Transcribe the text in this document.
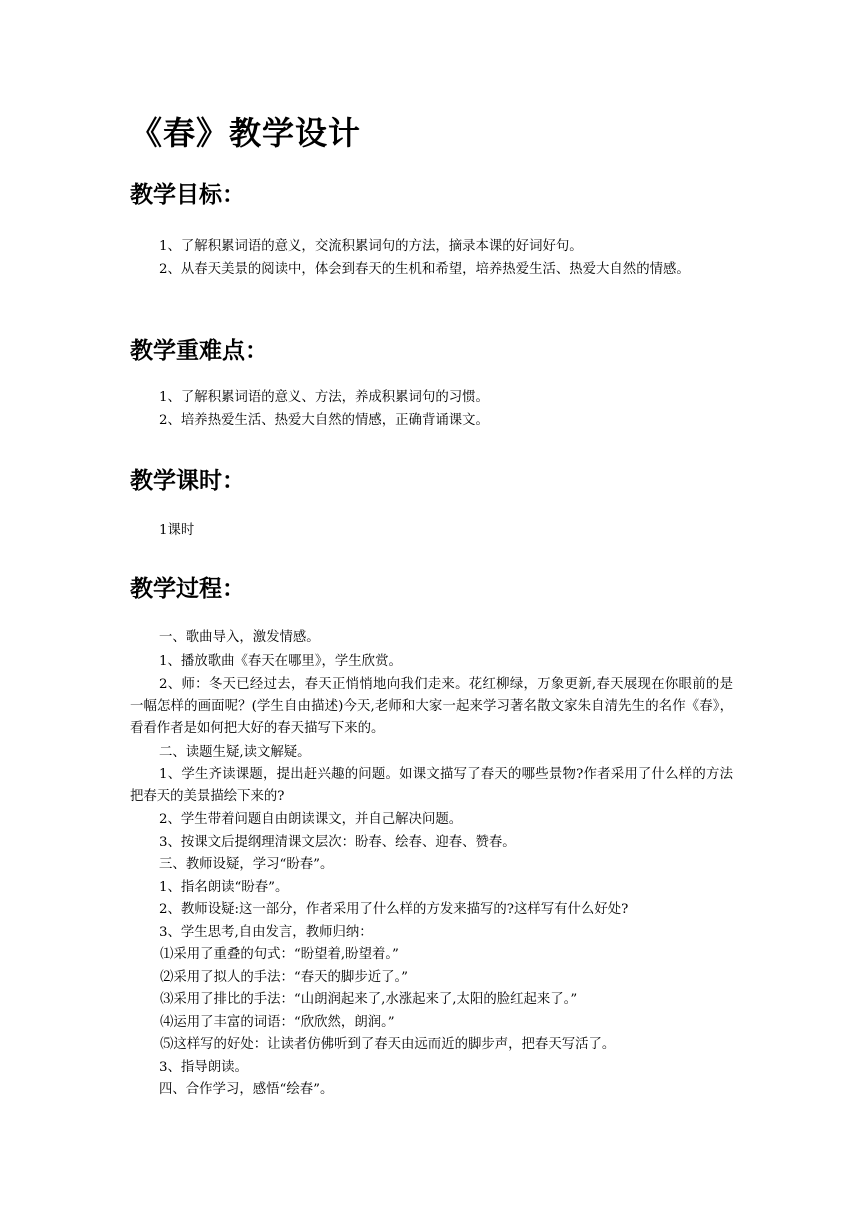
《春》教学设计
教学目标：

1、了解积累词语的意义，交流积累词句的方法，摘录本课的好词好句。

2、从春天美景的阅读中，体会到春天的生机和希望，培养热爱生活、热爱大自然的情感。

教学重难点：

1、了解积累词语的意义、方法，养成积累词句的习惯。

2、培养热爱生活、热爱大自然的情感，正确背诵课文。

教学课时：

1课时

教学过程：

一、歌曲导入，激发情感。

1、播放歌曲《春天在哪里》，学生欣赏。

2、师：冬天已经过去，春天正悄悄地向我们走来。花红柳绿，万象更新,春天展现在你眼前的是一幅怎样的画面呢？(学生自由描述)今天,老师和大家一起来学习著名散文家朱自清先生的名作《春》，看看作者是如何把大好的春天描写下来的。

二、读题生疑,读文解疑。

1、学生齐读课题，提出赶兴趣的问题。如课文描写了春天的哪些景物?作者采用了什么样的方法把春天的美景描绘下来的?

2、学生带着问题自由朗读课文，并自己解决问题。

3、按课文后提纲理清课文层次：盼春、绘春、迎春、赞春。

三、教师设疑，学习“盼春”。

1、指名朗读“盼春”。

2、教师设疑:这一部分，作者采用了什么样的方发来描写的?这样写有什么好处?

3、学生思考,自由发言，教师归纳：

⑴采用了重叠的句式：“盼望着,盼望着。”

⑵采用了拟人的手法：“春天的脚步近了。”

⑶采用了排比的手法：“山朗润起来了,水涨起来了,太阳的脸红起来了。”

⑷运用了丰富的词语：“欣欣然，朗润。”

⑸这样写的好处：让读者仿佛听到了春天由远而近的脚步声，把春天写活了。

3、指导朗读。

四、合作学习，感悟“绘春”。
